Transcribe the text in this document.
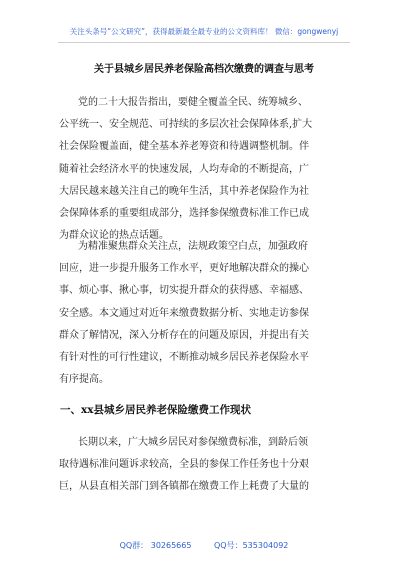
关注头条号“公文研究”，获得最新最全最专业的公文资料库！ 微信：gongwenyj
关于县城乡居民养老保险高档次缴费的调查与思考
党的二十大报告指出，要健全覆盖全民、统筹城乡、
公平统一、安全规范、可持续的多层次社会保障体系,扩大
社会保险覆盖面，健全基本养老筹资和待遇调整机制。伴
随着社会经济水平的快速发展，人均寿命的不断提高，广
大居民越来越关注自己的晚年生活，其中养老保险作为社
会保障体系的重要组成部分，选择参保缴费标准工作已成
为群众议论的热点话题。
为精准聚焦群众关注点，法规政策空白点，加强政府
回应，进一步提升服务工作水平，更好地解决群众的操心
事、烦心事、揪心事，切实提升群众的获得感、幸福感、
安全感。本文通过对近年来缴费数据分析、实地走访参保
群众了解情况，深入分析存在的问题及原因，并提出有关
有针对性的可行性建议，不断推动城乡居民养老保险水平
有序提高。
一、xx县城乡居民养老保险缴费工作现状
长期以来，广大城乡居民对参保缴费标准，到龄后领
取待遇标准问题诉求较高，全县的参保工作任务也十分艰
巨，从县直相关部门到各镇都在缴费工作上耗费了大量的
QQ群： 30265665	QQ号：535304092
